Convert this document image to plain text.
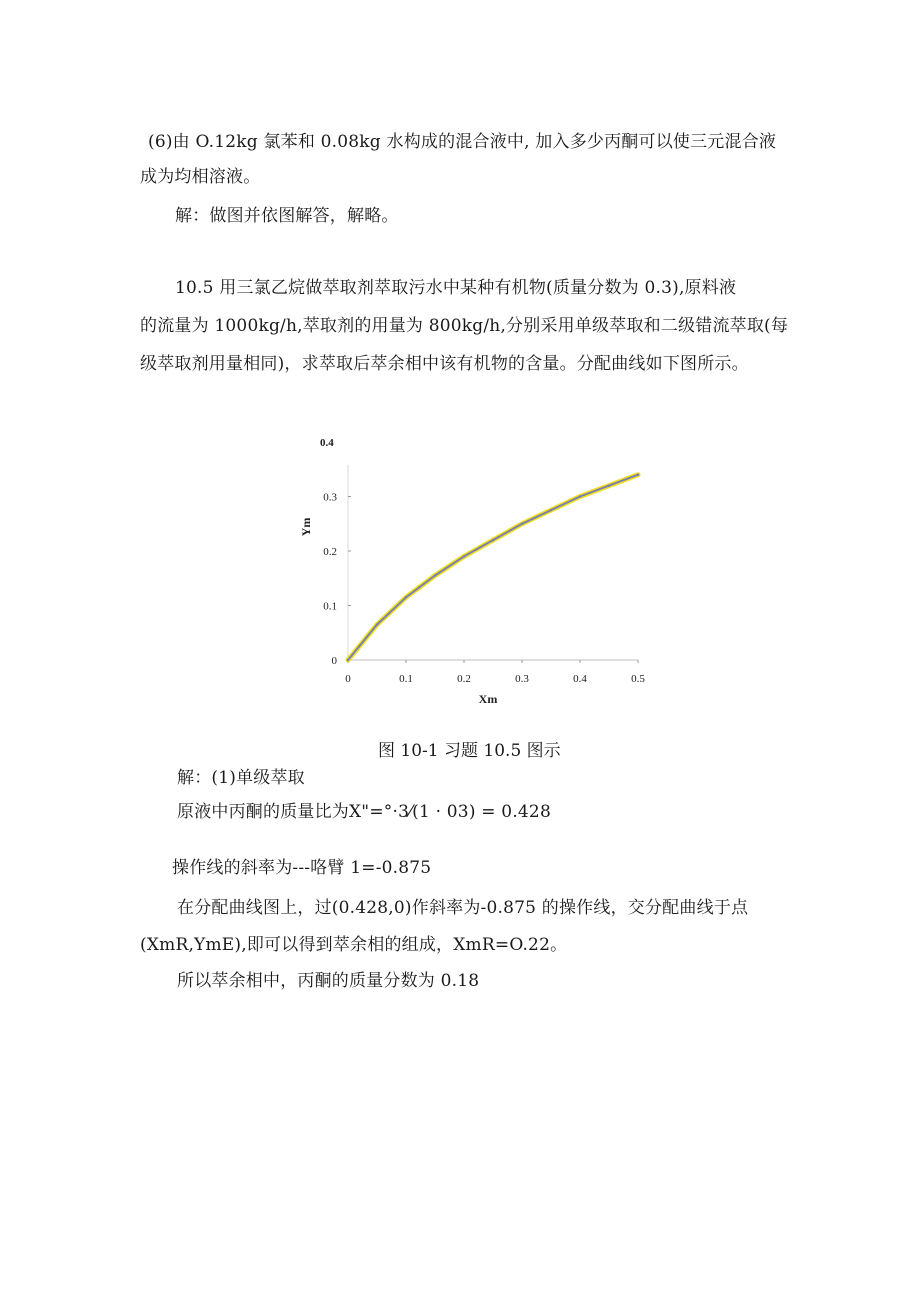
(6)由 O.12kg 氯苯和 0.08kg 水构成的混合液中, 加入多少丙酮可以使三元混合液
成为均相溶液。
解：做图并依图解答，解略。
10.5 用三氯乙烷做萃取剂萃取污水中某种有机物(质量分数为 0.3),原料液
的流量为 1000kg∕h,萃取剂的用量为 800kg∕h,分别采用单级萃取和二级错流萃取(每
级萃取剂用量相同)，求萃取后萃余相中该有机物的含量。分配曲线如下图所示。
0
0.1
0.2
0.3
0.4
0	0.1	0.2	0.3	0.4	0.5
Xm
Ym
图 10-1 习题 10.5 图示
解：(1)单级萃取
原液中丙酮的质量比为X"=°·3⁄(1 · 03) = 0.428
操作线的斜率为---咯臂 1=-0.875
在分配曲线图上，过(0.428,0)作斜率为-0.875 的操作线，交分配曲线于点
(XmR,YmE),即可以得到萃余相的组成，XmR=O.22。
所以萃余相中，丙酮的质量分数为 0.18
